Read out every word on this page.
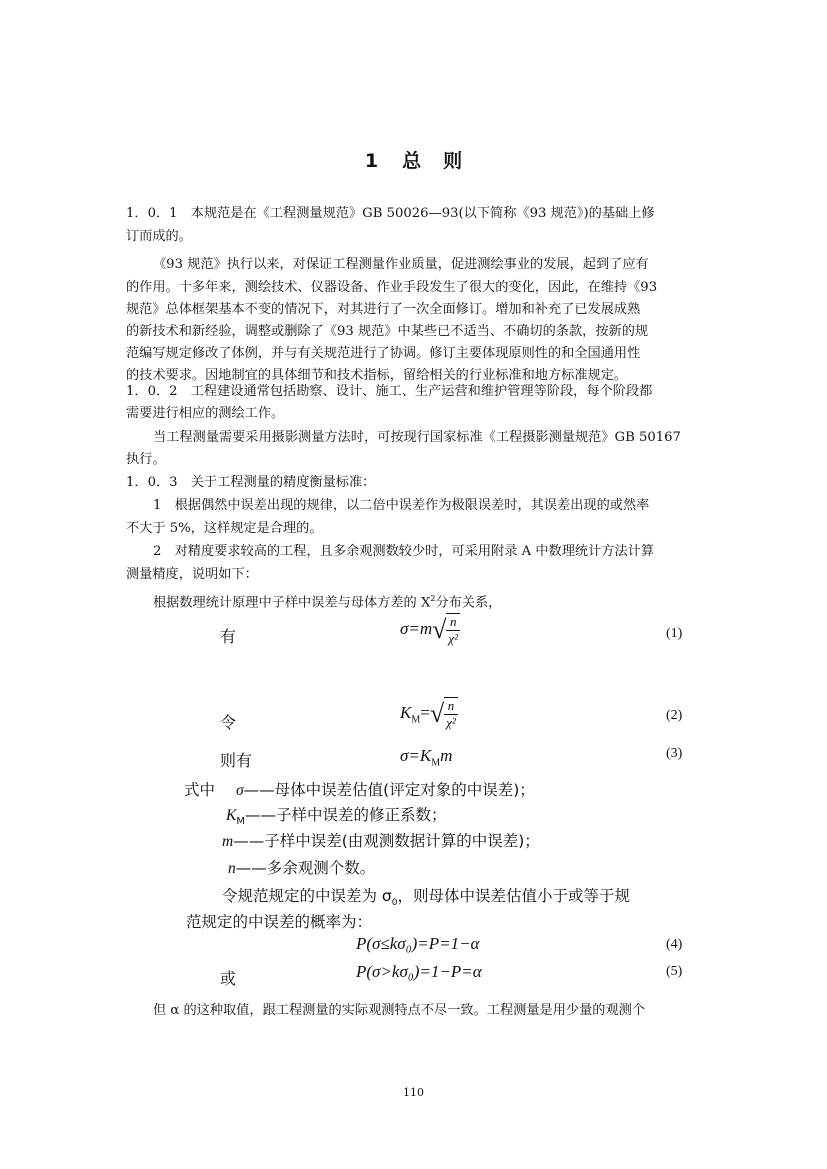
1 总 则
1．0．1　本规范是在《工程测量规范》GB 50026—93(以下简称《93 规范》)的基础上修
订而成的。
《93 规范》执行以来，对保证工程测量作业质量，促进测绘事业的发展，起到了应有
的作用。十多年来，测绘技术、仪器设备、作业手段发生了很大的变化，因此，在维持《93
规范》总体框架基本不变的情况下，对其进行了一次全面修订。增加和补充了已发展成熟
的新技术和新经验，调整或删除了《93 规范》中某些已不适当、不确切的条款，按新的规
范编写规定修改了体例，并与有关规范进行了协调。修订主要体现原则性的和全国通用性
的技术要求。因地制宜的具体细节和技术指标，留给相关的行业标准和地方标准规定。
1．0．2　工程建设通常包括勘察、设计、施工、生产运营和维护管理等阶段，每个阶段都
需要进行相应的测绘工作。
当工程测量需要采用摄影测量方法时，可按现行国家标准《工程摄影测量规范》GB 50167
执行。
1．0．3　关于工程测量的精度衡量标准：
1　根据偶然中误差出现的规律，以二倍中误差作为极限误差时，其误差出现的或然率
不大于 5%，这样规定是合理的。
2　对精度要求较高的工程，且多余观测数较少时，可采用附录 A 中数理统计方法计算
测量精度，说明如下：
根据数理统计原理中子样中误差与母体方差的 $X^2$分布关系，
有	$\sigma=m√ \frac{n}{\text{χ²}}$	(1)
令
$K_M=√ \frac{n}{\text{χ²}}$	(2)
则有	$\sigma=K_Mm$	(3)
式中 σ——母体中误差估值(评定对象的中误差)；
$K_M——$子样中误差的修正系数；
m——子样中误差(由观测数据计算的中误差)；
n——多余观测个数。
令规范规定的中误差为 $\sigma_0$，则母体中误差估值小于或等于规
范规定的中误差的概率为：
P(σ≤kσ₀)=P=1−α	(4)
或	P(σ>kσ₀)=1−P=α	(5)
但 α 的这种取值，跟工程测量的实际观测特点不尽一致。工程测量是用少量的观测个
110
